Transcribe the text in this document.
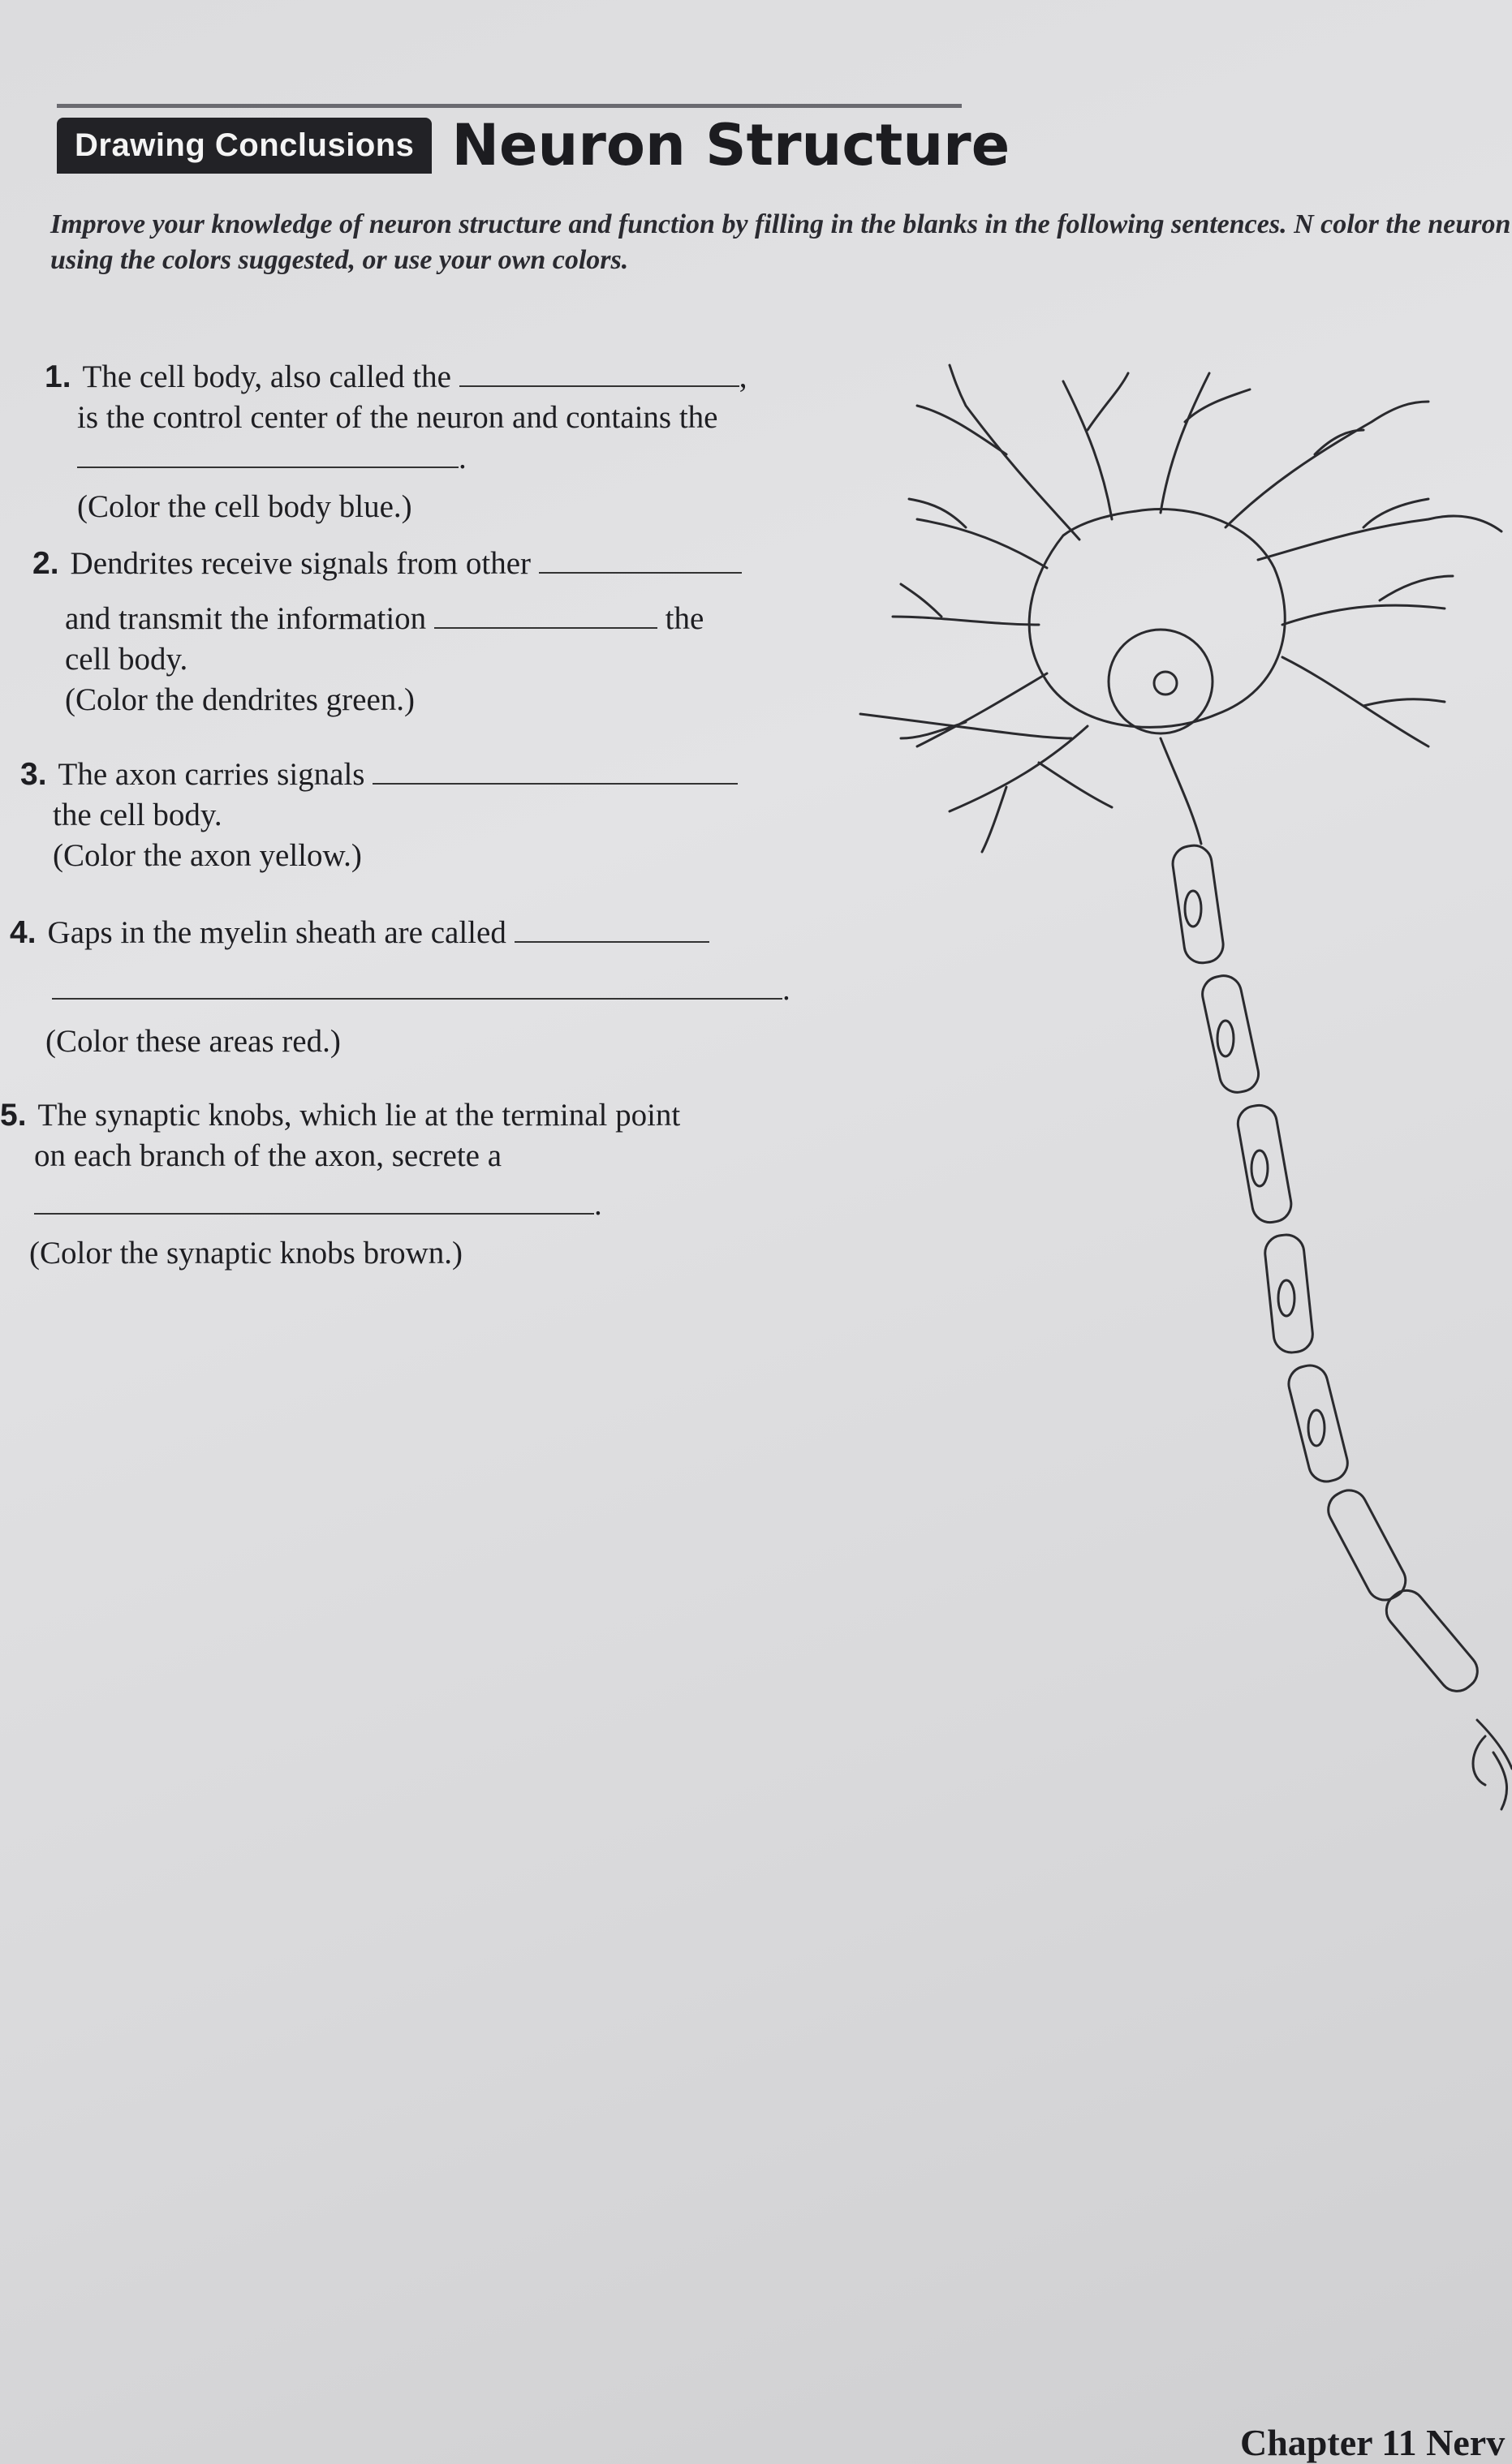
Drawing Conclusions Neuron Structure
Improve your knowledge of neuron structure and function by filling in the blanks in the following sentences. N color the neuron using the colors suggested, or use your own colors.
1. The cell body, also called the	,
is the control center of the neuron and contains the
.
(Color the cell body blue.)
2. Dendrites receive signals from other
and transmit the information	the
cell body.
(Color the dendrites green.)
3. The axon carries signals
the cell body.
(Color the axon yellow.)
4. Gaps in the myelin sheath are called
.
(Color these areas red.)
5. The synaptic knobs, which lie at the terminal point
on each branch of the axon, secrete a
.
(Color the synaptic knobs brown.)
Chapter 11 Nerv
